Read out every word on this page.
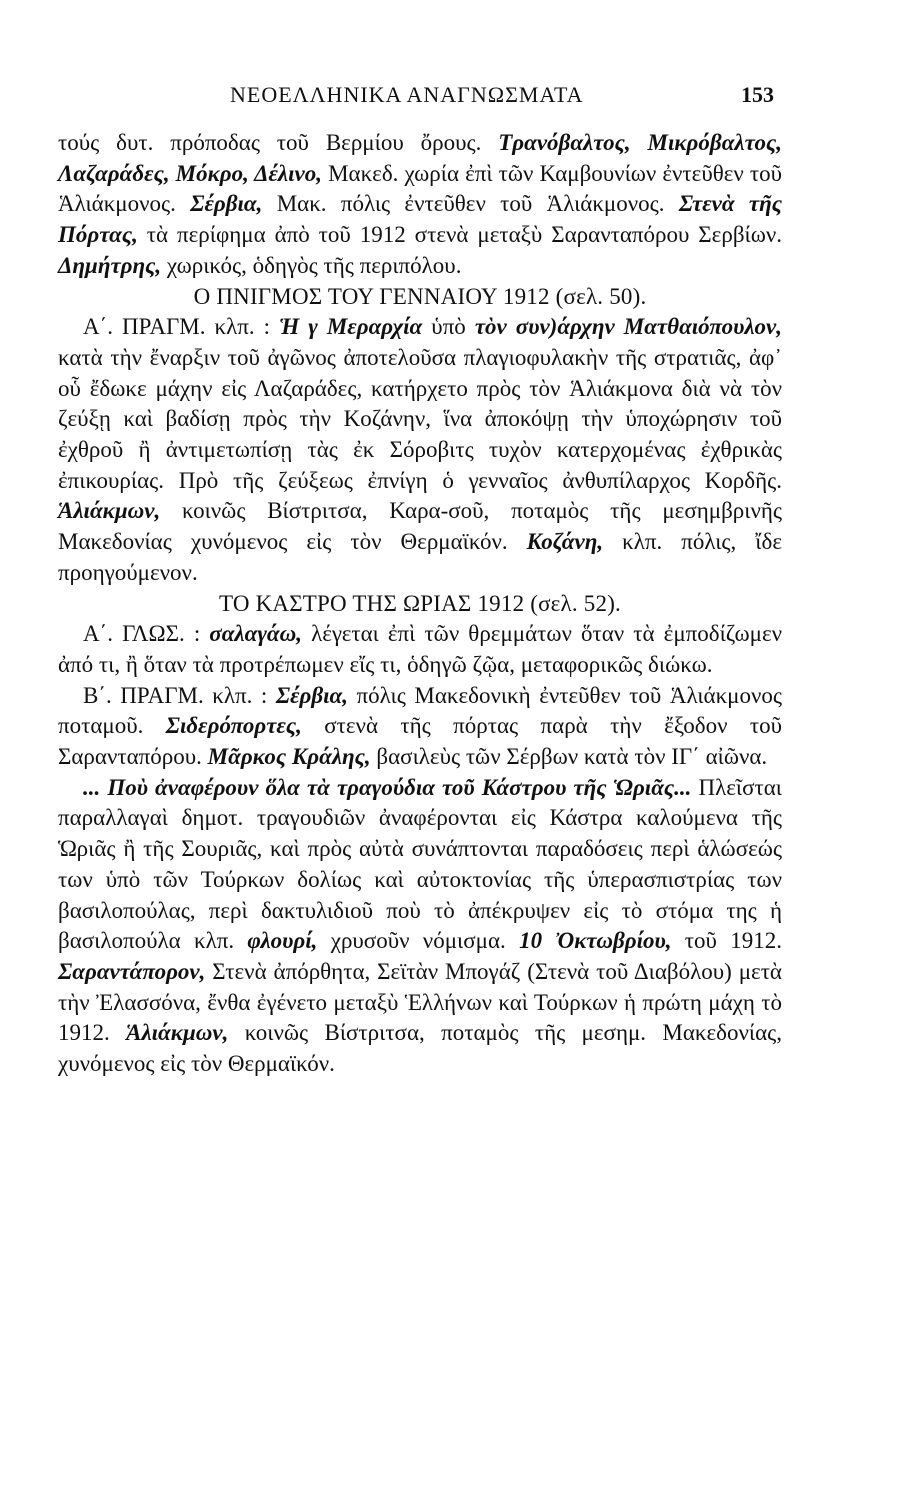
ΝΕΟΕΛΛΗΝΙΚΑ ΑΝΑΓΝΩΣΜΑΤΑ	153

τούς δυτ. πρόποδας τοῦ Βερμίου ὄρους. Τρανόβαλτος, Μικρόβαλτος, Λαζαράδες, Μόκρο, Δέλινο, Μακεδ. χωρία ἐπὶ τῶν Καμβουνίων ἐντεῦθεν τοῦ Ἁλιάκμονος. Σέρβια, Μακ. πόλις ἐντεῦθεν τοῦ Ἁλιάκμονος. Στενὰ τῆς Πόρτας, τὰ περίφημα ἀπὸ τοῦ 1912 στενὰ μεταξὺ Σαρανταπόρου Σερβίων. Δημήτρης, χωρικός, ὁδηγὸς τῆς περιπόλου.

Ο ΠΝΙΓΜΟΣ ΤΟΥ ΓΕΝΝΑΙΟΥ 1912 (σελ. 50).

Α΄. ΠΡΑΓΜ. κλπ. : Ἡ γ Μεραρχία ὑπὸ τὸν συν)άρχην Ματθαιόπουλον, κατὰ τὴν ἔναρξιν τοῦ ἀγῶνος ἀποτελοῦσα πλαγιοφυλακὴν τῆς στρατιᾶς, ἀφ᾽ οὗ ἔδωκε μάχην εἰς Λαζαράδες, κατήρχετο πρὸς τὸν Ἁλιάκμονα διὰ νὰ τὸν ζεύξῃ καὶ βαδίσῃ πρὸς τὴν Κοζάνην, ἵνα ἀποκόψῃ τὴν ὑποχώρησιν τοῦ ἐχθροῦ ἢ ἀντιμετωπίσῃ τὰς ἐκ Σόροβιτς τυχὸν κατερχομένας ἐχθρικὰς ἐπικουρίας. Πρὸ τῆς ζεύξεως ἐπνίγη ὁ γενναῖος ἀνθυπίλαρχος Κορδῆς. Ἁλιάκμων, κοινῶς Βίστριτσα, Καρα-σοῦ, ποταμὸς τῆς μεσημβρινῆς Μακεδονίας χυνόμενος εἰς τὸν Θερμαϊκόν. Κοζάνη, κλπ. πόλις, ἴδε προηγούμενον.

ΤΟ ΚΑΣΤΡΟ ΤΗΣ ΩΡΙΑΣ 1912 (σελ. 52).

Α΄. ΓΛΩΣ. : σαλαγάω, λέγεται ἐπὶ τῶν θρεμμάτων ὅταν τὰ ἐμποδίζωμεν ἀπό τι, ἢ ὅταν τὰ προτρέπωμεν εἴς τι, ὁδηγῶ ζῷα, μεταφορικῶς διώκω.

Β΄. ΠΡΑΓΜ. κλπ. : Σέρβια, πόλις Μακεδονικὴ ἐντεῦθεν τοῦ Ἁλιάκμονος ποταμοῦ. Σιδερόπορτες, στενὰ τῆς πόρτας παρὰ τὴν ἔξοδον τοῦ Σαρανταπόρου. Μᾶρκος Κράλης, βασιλεὺς τῶν Σέρβων κατὰ τὸν ΙΓ΄ αἰῶνα.

... Ποὺ ἀναφέρουν ὅλα τὰ τραγούδια τοῦ Κάστρου τῆς Ὡριᾶς... Πλεῖσται παραλλαγαὶ δημοτ. τραγουδιῶν ἀναφέρονται εἰς Κάστρα καλούμενα τῆς Ὡριᾶς ἢ τῆς Σουριᾶς, καὶ πρὸς αὐτὰ συνάπτονται παραδόσεις περὶ ἁλώσεώς των ὑπὸ τῶν Τούρκων δολίως καὶ αὐτοκτονίας τῆς ὑπερασπιστρίας των βασιλοπούλας, περὶ δακτυλιδιοῦ ποὺ τὸ ἀπέκρυψεν εἰς τὸ στόμα της ἡ βασιλοπούλα κλπ. φλουρί, χρυσοῦν νόμισμα. 10 Ὀκτωβρίου, τοῦ 1912. Σαραντάπορον, Στενὰ ἀπόρθητα, Σεϊτὰν Μπογάζ (Στενὰ τοῦ Διαβόλου) μετὰ τὴν Ἐλασσόνα, ἔνθα ἐγένετο μεταξὺ Ἑλλήνων καὶ Τούρκων ἡ πρώτη μάχη τὸ 1912. Ἁλιάκμων, κοινῶς Βίστριτσα, ποταμὸς τῆς μεσημ. Μακεδονίας, χυνόμενος εἰς τὸν Θερμαϊκόν.
